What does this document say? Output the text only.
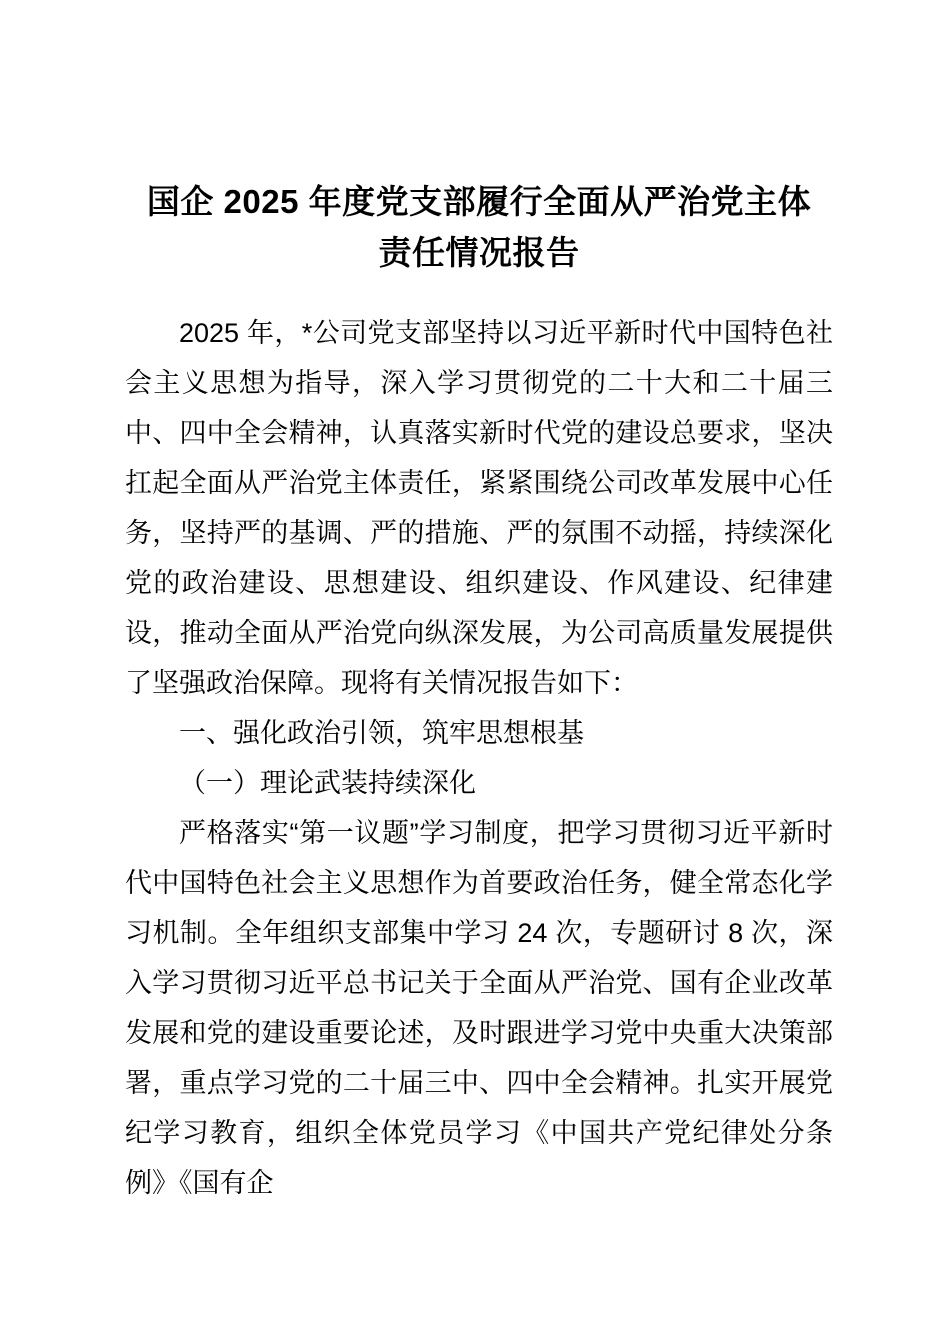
国企 2025 年度党支部履行全面从严治党主体
责任情况报告

2025 年，*公司党支部坚持以习近平新时代中国特色社会主义思想为指导，深入学习贯彻党的二十大和二十届三中、四中全会精神，认真落实新时代党的建设总要求，坚决扛起全面从严治党主体责任，紧紧围绕公司改革发展中心任务，坚持严的基调、严的措施、严的氛围不动摇，持续深化党的政治建设、思想建设、组织建设、作风建设、纪律建设，推动全面从严治党向纵深发展，为公司高质量发展提供了坚强政治保障。现将有关情况报告如下：

一、强化政治引领，筑牢思想根基

（一）理论武装持续深化

严格落实“第一议题”学习制度，把学习贯彻习近平新时代中国特色社会主义思想作为首要政治任务，健全常态化学习机制。全年组织支部集中学习 24 次，专题研讨 8 次，深入学习贯彻习近平总书记关于全面从严治党、国有企业改革发展和党的建设重要论述，及时跟进学习党中央重大决策部署，重点学习党的二十届三中、四中全会精神。扎实开展党纪学习教育，组织全体党员学习《中国共产党纪律处分条例》《国有企
